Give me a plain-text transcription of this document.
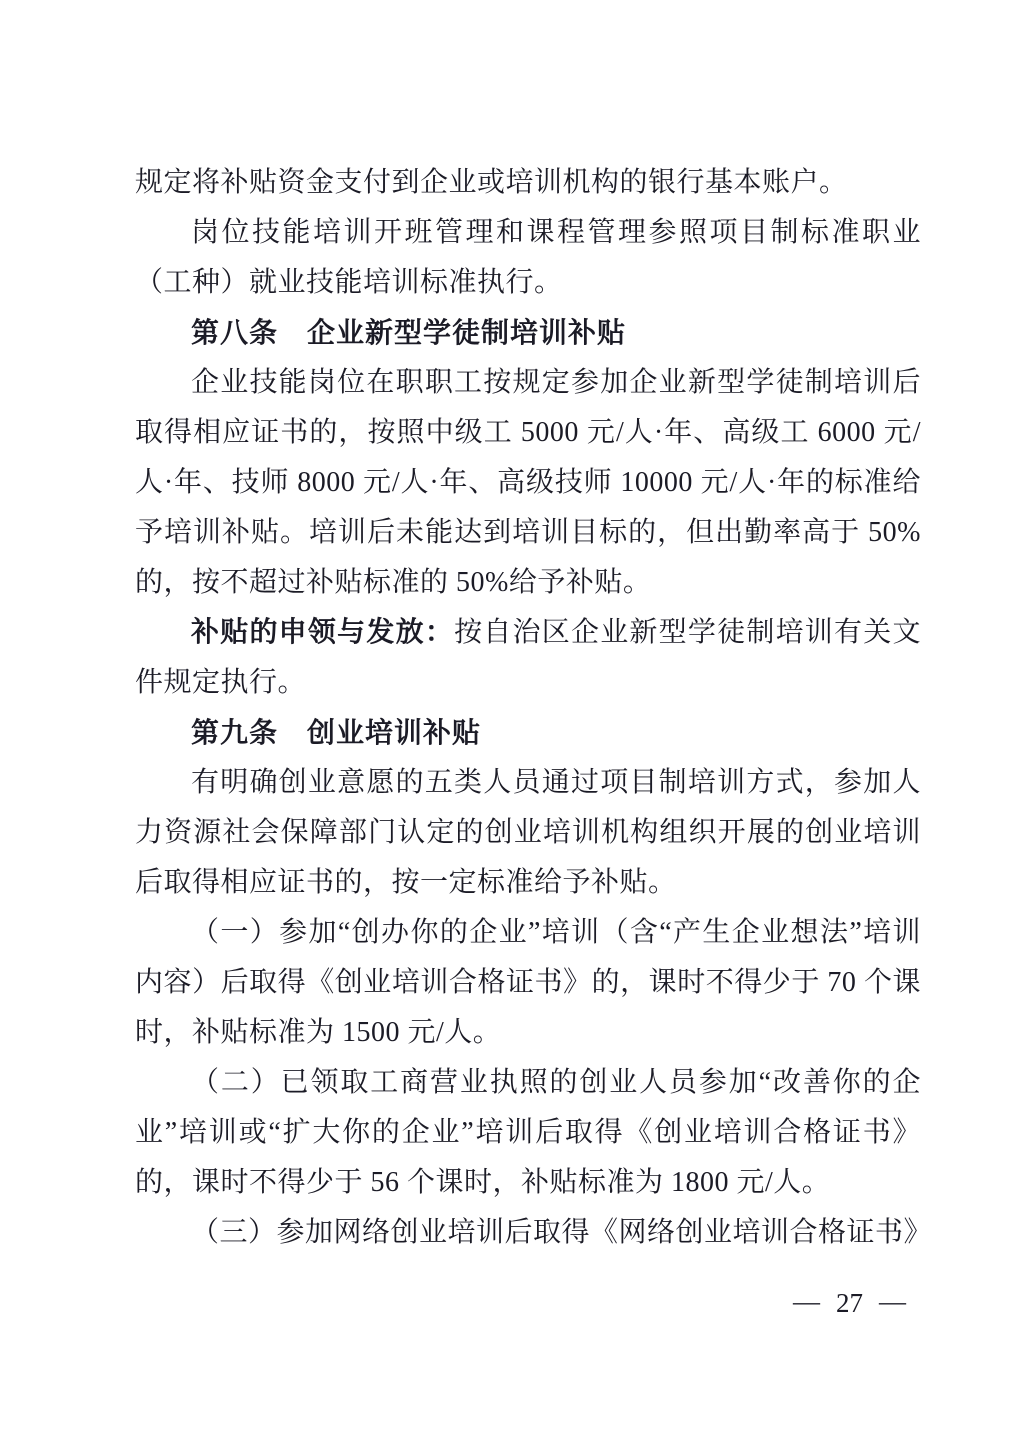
规定将补贴资金支付到企业或培训机构的银行基本账户。

岗位技能培训开班管理和课程管理参照项目制标准职业（工种）就业技能培训标准执行。

第八条　企业新型学徒制培训补贴

企业技能岗位在职职工按规定参加企业新型学徒制培训后取得相应证书的，按照中级工 5000 元/人·年、高级工 6000 元/人·年、技师 8000 元/人·年、高级技师 10000 元/人·年的标准给予培训补贴。培训后未能达到培训目标的，但出勤率高于 50%的，按不超过补贴标准的 50%给予补贴。

补贴的申领与发放：按自治区企业新型学徒制培训有关文件规定执行。

第九条　创业培训补贴

有明确创业意愿的五类人员通过项目制培训方式，参加人力资源社会保障部门认定的创业培训机构组织开展的创业培训后取得相应证书的，按一定标准给予补贴。

（一）参加“创办你的企业”培训（含“产生企业想法”培训内容）后取得《创业培训合格证书》的，课时不得少于 70 个课时，补贴标准为 1500 元/人。

（二）已领取工商营业执照的创业人员参加“改善你的企业”培训或“扩大你的企业”培训后取得《创业培训合格证书》的，课时不得少于 56 个课时，补贴标准为 1800 元/人。

（三）参加网络创业培训后取得《网络创业培训合格证书》

— 27 —
